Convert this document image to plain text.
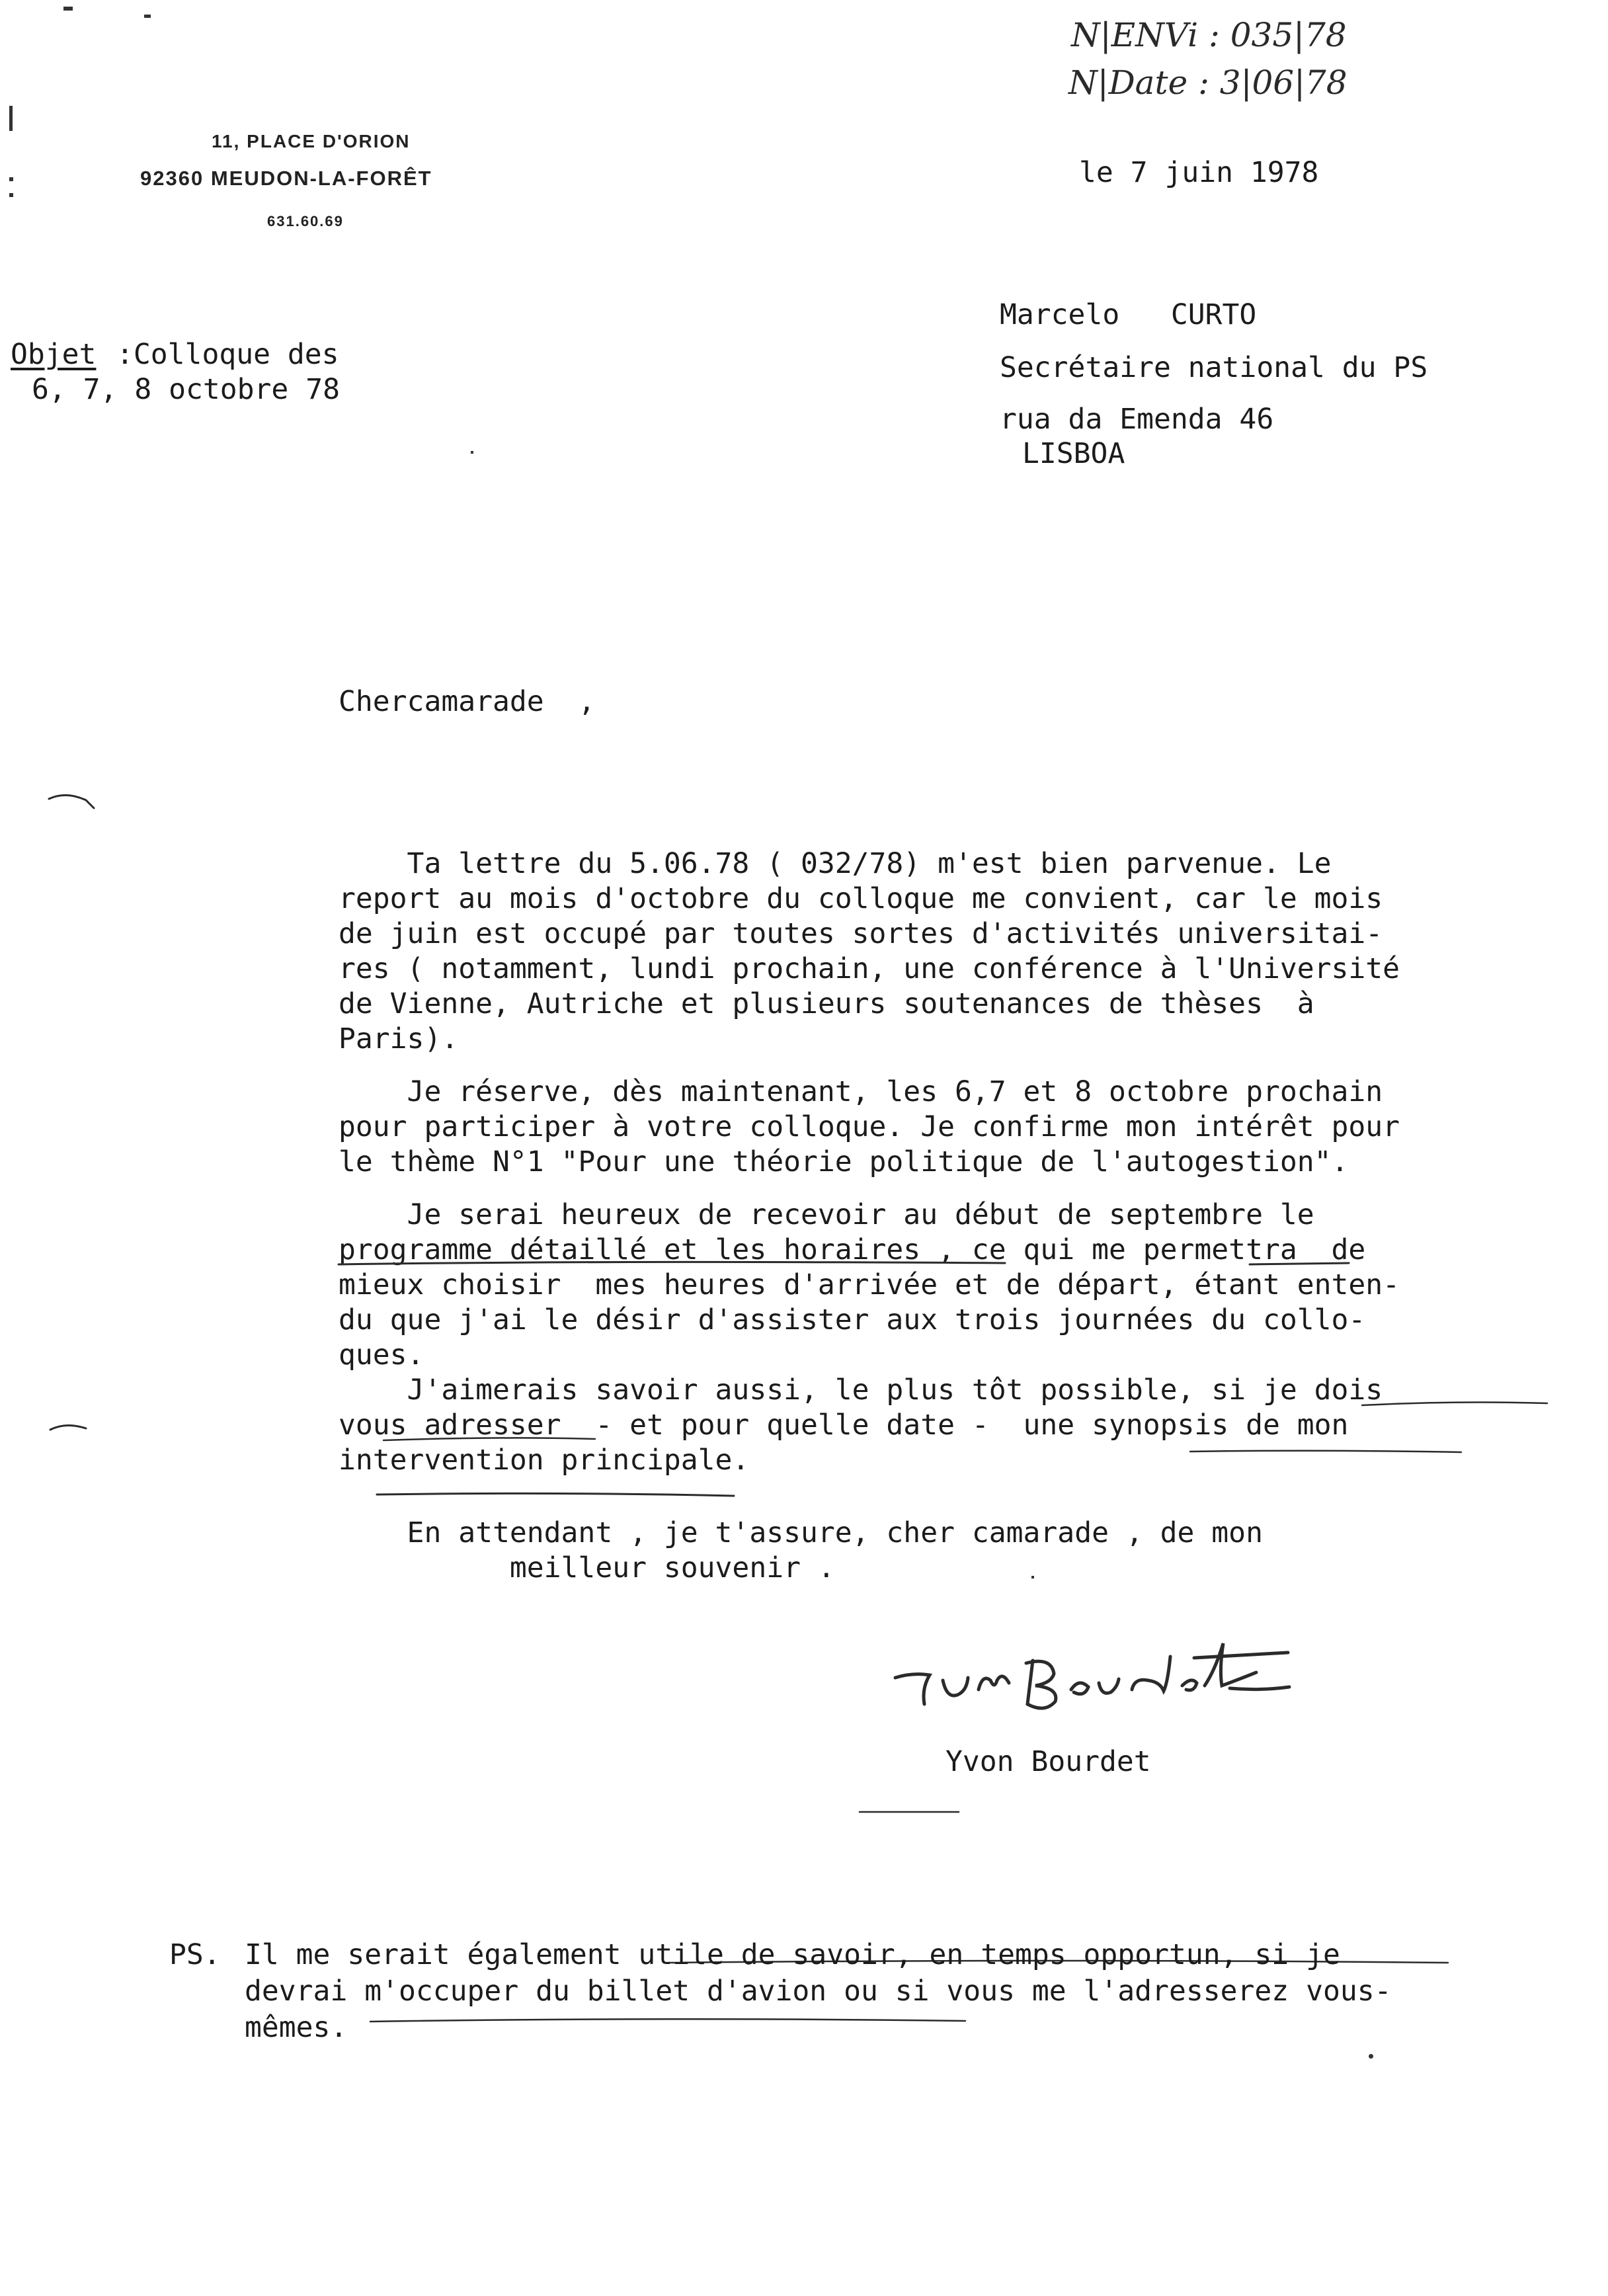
11, PLACE D'ORION
92360 MEUDON-LA-FORÊT
631.60.69
N|ENVi : 035|78
N|Date : 3|06|78
le 7 juin 1978
Marcelo   CURTO
Secrétaire national du PS
rua da Emenda 46
LISBOA
Objet :Colloque des
6, 7, 8 octobre 78
Chercamarade  ,
Ta lettre du 5.06.78 ( 032/78) m'est bien parvenue. Le
report au mois d'octobre du colloque me convient, car le mois
de juin est occupé par toutes sortes d'activités universitai-
res ( notamment, lundi prochain, une conférence à l'Université
de Vienne, Autriche et plusieurs soutenances de thèses  à
Paris).
Je réserve, dès maintenant, les 6,7 et 8 octobre prochain
pour participer à votre colloque. Je confirme mon intérêt pour
le thème N°1 "Pour une théorie politique de l'autogestion".
Je serai heureux de recevoir au début de septembre le
programme détaillé et les horaires , ce qui me permettra  de
mieux choisir  mes heures d'arrivée et de départ, étant enten-
du que j'ai le désir d'assister aux trois journées du collo-
ques.
J'aimerais savoir aussi, le plus tôt possible, si je dois
vous adresser  - et pour quelle date -  une synopsis de mon
intervention principale.
En attendant , je t'assure, cher camarade , de mon
meilleur souvenir .
Yvon Bourdet
PS. Il me serait également utile de savoir, en temps opportun, si je
devrai m'occuper du billet d'avion ou si vous me l'adresserez vous-
mêmes.
